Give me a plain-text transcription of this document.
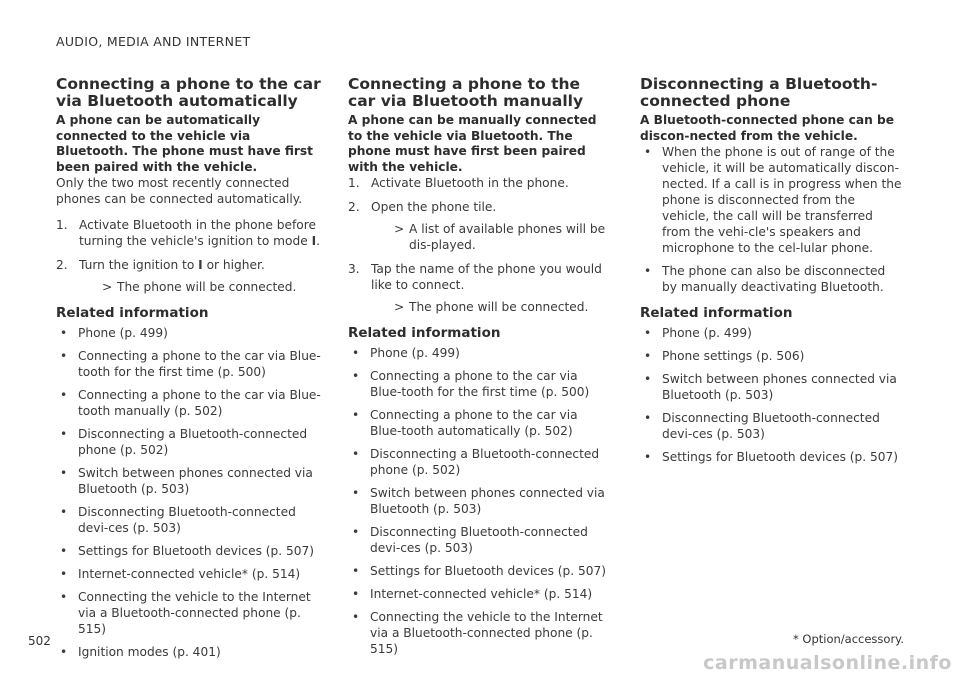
AUDIO, MEDIA AND INTERNET
Connecting a phone to the car via Bluetooth automatically

A phone can be automatically connected to the vehicle via Bluetooth. The phone must have first been paired with the vehicle.

Only the two most recently connected phones can be connected automatically.

1. Activate Bluetooth in the phone before turning the vehicle's ignition to mode I.
2. Turn the ignition to I or higher.
> The phone will be connected.
Related information
• Phone (p. 499)
• Connecting a phone to the car via Blue-tooth for the first time (p. 500)
• Connecting a phone to the car via Blue-tooth manually (p. 502)
• Disconnecting a Bluetooth-connected phone (p. 502)
• Switch between phones connected via Bluetooth (p. 503)
• Disconnecting Bluetooth-connected devi-ces (p. 503)
• Settings for Bluetooth devices (p. 507)
• Internet-connected vehicle* (p. 514)
• Connecting the vehicle to the Internet via a Bluetooth-connected phone (p. 515)
• Ignition modes (p. 401)
Connecting a phone to the car via Bluetooth manually

A phone can be manually connected to the vehicle via Bluetooth. The phone must have first been paired with the vehicle.

1. Activate Bluetooth in the phone.
2. Open the phone tile.
> A list of available phones will be dis-played.
3. Tap the name of the phone you would like to connect.
> The phone will be connected.
Related information
• Phone (p. 499)
• Connecting a phone to the car via Blue-tooth for the first time (p. 500)
• Connecting a phone to the car via Blue-tooth automatically (p. 502)
• Disconnecting a Bluetooth-connected phone (p. 502)
• Switch between phones connected via Bluetooth (p. 503)
• Disconnecting Bluetooth-connected devi-ces (p. 503)
• Settings for Bluetooth devices (p. 507)
• Internet-connected vehicle* (p. 514)
• Connecting the vehicle to the Internet via a Bluetooth-connected phone (p. 515)
Disconnecting a Bluetooth-connected phone

A Bluetooth-connected phone can be discon-nected from the vehicle.

• When the phone is out of range of the vehicle, it will be automatically discon-nected. If a call is in progress when the phone is disconnected from the vehicle, the call will be transferred from the vehi-cle's speakers and microphone to the cel-lular phone.
• The phone can also be disconnected by manually deactivating Bluetooth.
Related information
• Phone (p. 499)
• Phone settings (p. 506)
• Switch between phones connected via Bluetooth (p. 503)
• Disconnecting Bluetooth-connected devi-ces (p. 503)
• Settings for Bluetooth devices (p. 507)
502	* Option/accessory.
carmanualsonline.info
